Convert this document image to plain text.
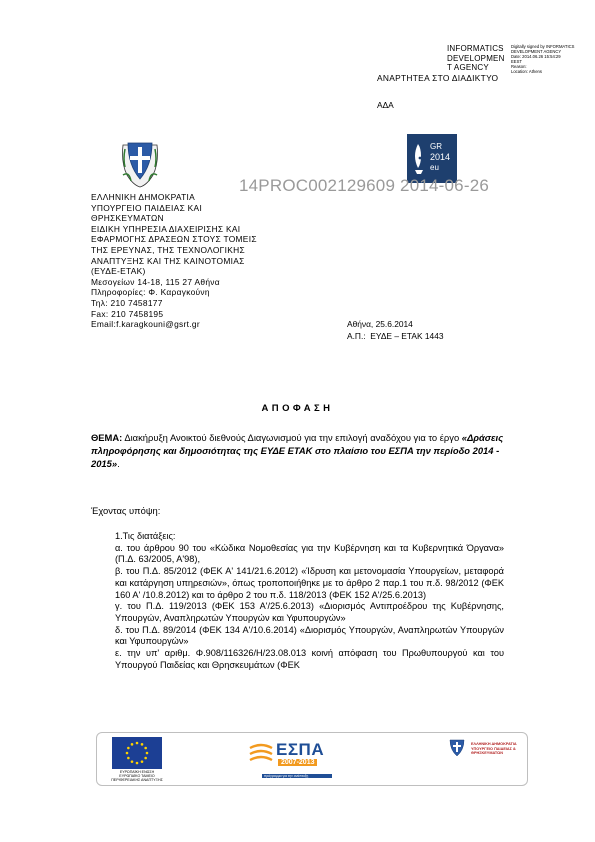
INFORMATICS DEVELOPMEN T AGENCY
Digitally signed by INFORMATICS
DEVELOPMENT AGENCY
Date: 2014.06.26 15:54:29
EEST
Reason:
Location: Athens
ΑΝΑΡΤΗΤΕΑ ΣΤΟ ΔΙΑΔΙΚΤΥΟ
ΑΔΑ
GR
2014
eu
14PROC002129609 2014-06-26
ΕΛΛΗΝΙΚΗ ΔΗΜΟΚΡΑΤΙΑ
ΥΠΟΥΡΓΕΙΟ ΠΑΙΔΕΙΑΣ ΚΑΙ
ΘΡΗΣΚΕΥΜΑΤΩΝ
ΕΙΔΙΚΗ ΥΠΗΡΕΣΙΑ ΔΙΑΧΕΙΡΙΣΗΣ ΚΑΙ
ΕΦΑΡΜΟΓΗΣ ΔΡΑΣΕΩΝ ΣΤΟΥΣ ΤΟΜΕΙΣ
ΤΗΣ ΕΡΕΥΝΑΣ, ΤΗΣ ΤΕΧΝΟΛΟΓΙΚΗΣ
ΑΝΑΠΤΥΞΗΣ ΚΑΙ ΤΗΣ ΚΑΙΝΟΤΟΜΙΑΣ
(ΕΥΔΕ-ΕΤΑΚ)
Μεσογείων 14-18, 115 27 Αθήνα
Πληροφορίες: Φ. Καραγκούνη
Τηλ: 210 7458177
Fax: 210 7458195
Email:f.karagkouni@gsrt.gr	Αθήνα, 25.6.2014
Α.Π.:  ΕΥΔΕ – ΕΤΑΚ 1443
ΑΠΟΦΑΣΗ
ΘΕΜΑ: Διακήρυξη Ανοικτού διεθνούς Διαγωνισμού για την επιλογή αναδόχου για το έργο «Δράσεις πληροφόρησης και δημοσιότητας της ΕΥΔΕ ΕΤΑΚ στο πλαίσιο του ΕΣΠΑ την περίοδο 2014 - 2015».
Έχοντας υπόψη:
1.Τις διατάξεις:
α. του άρθρου 90 του «Κώδικα Νομοθεσίας για την Κυβέρνηση και τα Κυβερνητικά Όργανα» (Π.Δ. 63/2005, Α'98),
β. του Π.Δ. 85/2012 (ΦΕΚ Α' 141/21.6.2012) «Ίδρυση και μετονομασία Υπουργείων, μεταφορά και κατάργηση υπηρεσιών», όπως τροποποιήθηκε με το άρθρο 2 παρ.1 του π.δ. 98/2012 (ΦΕΚ 160 Α' /10.8.2012) και το άρθρο 2 του π.δ. 118/2013 (ΦΕΚ 152 Α'/25.6.2013)
γ. του Π.Δ. 119/2013 (ΦΕΚ 153 Α'/25.6.2013) «Διορισμός Αντιπροέδρου της Κυβέρνησης, Υπουργών, Αναπληρωτών Υπουργών και Υφυπουργών»
δ. του Π.Δ. 89/2014 (ΦΕΚ 134 Α'/10.6.2014) «Διορισμός Υπουργών, Αναπληρωτών Υπουργών και Υφυπουργών»
ε. την υπ' αριθμ. Φ.908/116326/Η/23.08.013 κοινή απόφαση του Πρωθυπουργού και του Υπουργού Παιδείας και Θρησκευμάτων (ΦΕΚ
ΕΥΡΩΠΑΪΚΗ ΕΝΩΣΗ
ΕΥΡΩΠΑΪΚΟ ΤΑΜΕΙΟ
ΠΕΡΙΦΕΡΕΙΑΚΗΣ ΑΝΑΠΤΥΞΗΣ
ΕΣΠΑ
2007-2013
πρόγραμμα για την ανάπτυξη
ΕΛΛΗΝΙΚΗ ΔΗΜΟΚΡΑΤΙΑ
ΥΠΟΥΡΓΕΙΟ ΠΑΙΔΕΙΑΣ &
ΘΡΗΣΚΕΥΜΑΤΩΝ
